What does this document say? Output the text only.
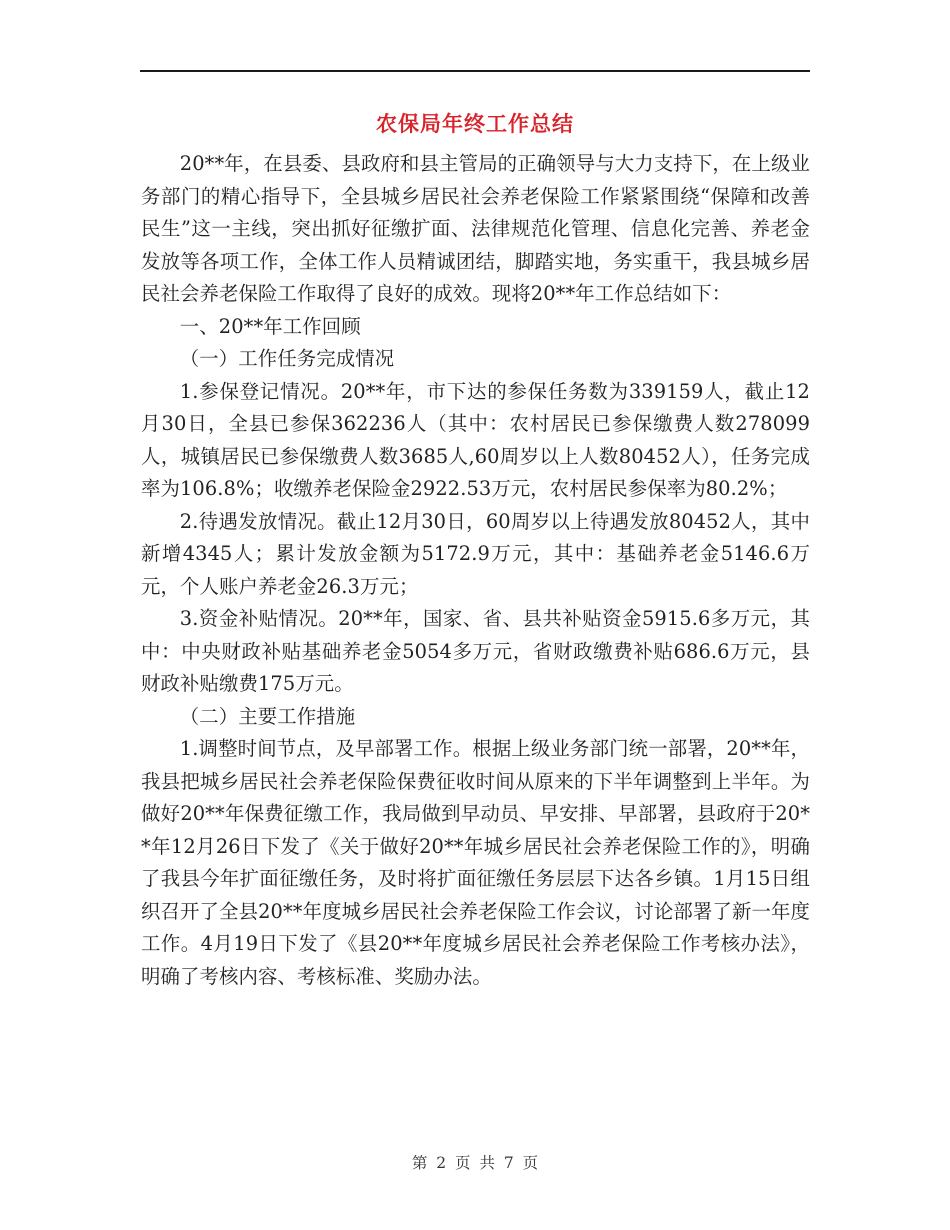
农保局年终工作总结

20**年，在县委、县政府和县主管局的正确领导与大力支持下，在上级业务部门的精心指导下，全县城乡居民社会养老保险工作紧紧围绕“保障和改善民生”这一主线，突出抓好征缴扩面、法律规范化管理、信息化完善、养老金发放等各项工作，全体工作人员精诚团结，脚踏实地，务实重干，我县城乡居民社会养老保险工作取得了良好的成效。现将20**年工作总结如下：

一、20**年工作回顾

（一）工作任务完成情况

1.参保登记情况。20**年，市下达的参保任务数为339159人，截止12月30日，全县已参保362236人（其中：农村居民已参保缴费人数278099人，城镇居民已参保缴费人数3685人,60周岁以上人数80452人），任务完成率为106.8%；收缴养老保险金2922.53万元，农村居民参保率为80.2%；

2.待遇发放情况。截止12月30日，60周岁以上待遇发放80452人，其中新增4345人；累计发放金额为5172.9万元，其中：基础养老金5146.6万元，个人账户养老金26.3万元；

3.资金补贴情况。20**年，国家、省、县共补贴资金5915.6多万元，其中：中央财政补贴基础养老金5054多万元，省财政缴费补贴686.6万元，县财政补贴缴费175万元。

（二）主要工作措施

1.调整时间节点，及早部署工作。根据上级业务部门统一部署，20**年，我县把城乡居民社会养老保险保费征收时间从原来的下半年调整到上半年。为做好20**年保费征缴工作，我局做到早动员、早安排、早部署，县政府于20**年12月26日下发了《关于做好20**年城乡居民社会养老保险工作的》，明确了我县今年扩面征缴任务，及时将扩面征缴任务层层下达各乡镇。1月15日组织召开了全县20**年度城乡居民社会养老保险工作会议，讨论部署了新一年度工作。4月19日下发了《县20**年度城乡居民社会养老保险工作考核办法》，明确了考核内容、考核标准、奖励办法。

第 2 页 共 7 页
